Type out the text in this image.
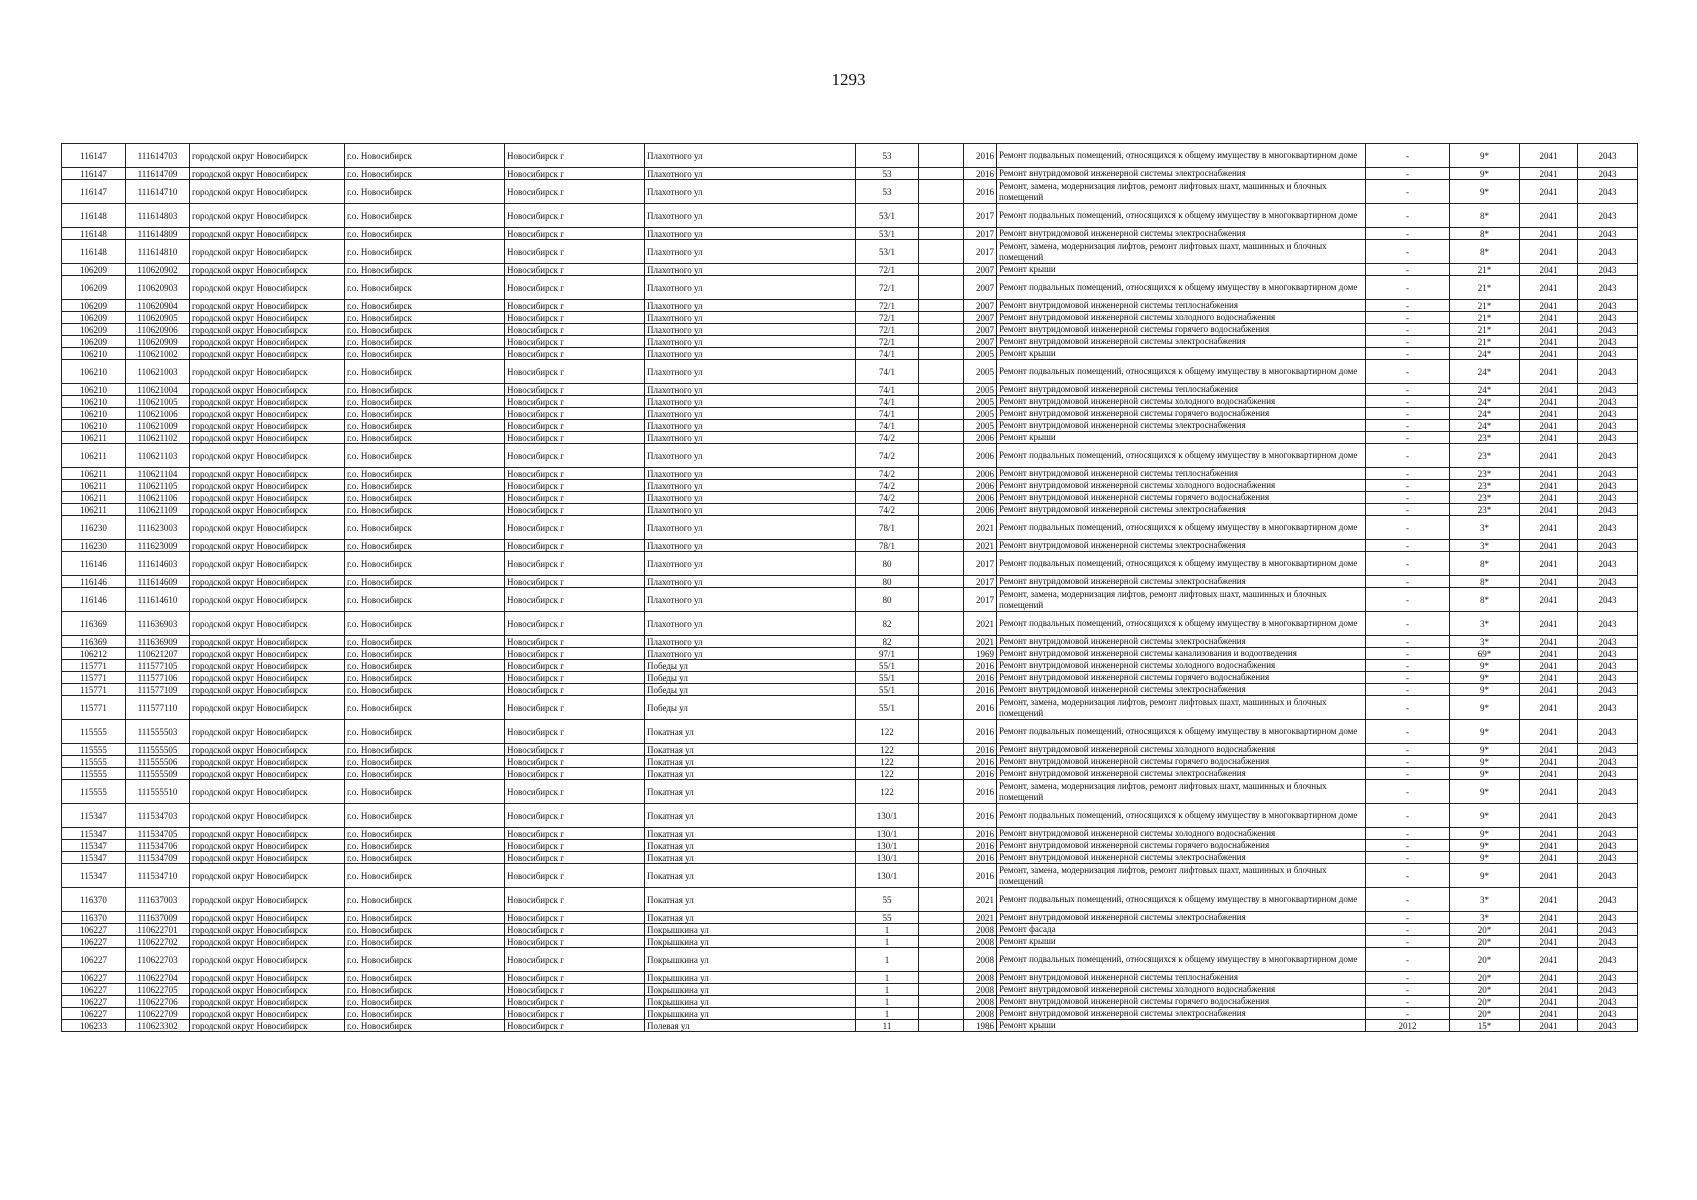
1293
116147	111614703	городской округ Новосибирск	г.о. Новосибирск	Новосибирск г	Плахотного ул	53		2016	Ремонт подвальных помещений, относящихся к общему имуществу в многоквартирном доме	-	9*	2041	2043
116147	111614709	городской округ Новосибирск	г.о. Новосибирск	Новосибирск г	Плахотного ул	53		2016	Ремонт внутридомовой инженерной системы электроснабжения	-	9*	2041	2043
116147	111614710	городской округ Новосибирск	г.о. Новосибирск	Новосибирск г	Плахотного ул	53		2016	Ремонт, замена, модернизация лифтов, ремонт лифтовых шахт, машинных и блочных помещений	-	9*	2041	2043
116148	111614803	городской округ Новосибирск	г.о. Новосибирск	Новосибирск г	Плахотного ул	53/1		2017	Ремонт подвальных помещений, относящихся к общему имуществу в многоквартирном доме	-	8*	2041	2043
116148	111614809	городской округ Новосибирск	г.о. Новосибирск	Новосибирск г	Плахотного ул	53/1		2017	Ремонт внутридомовой инженерной системы электроснабжения	-	8*	2041	2043
116148	111614810	городской округ Новосибирск	г.о. Новосибирск	Новосибирск г	Плахотного ул	53/1		2017	Ремонт, замена, модернизация лифтов, ремонт лифтовых шахт, машинных и блочных помещений	-	8*	2041	2043
106209	110620902	городской округ Новосибирск	г.о. Новосибирск	Новосибирск г	Плахотного ул	72/1		2007	Ремонт крыши	-	21*	2041	2043
106209	110620903	городской округ Новосибирск	г.о. Новосибирск	Новосибирск г	Плахотного ул	72/1		2007	Ремонт подвальных помещений, относящихся к общему имуществу в многоквартирном доме	-	21*	2041	2043
106209	110620904	городской округ Новосибирск	г.о. Новосибирск	Новосибирск г	Плахотного ул	72/1		2007	Ремонт внутридомовой инженерной системы теплоснабжения	-	21*	2041	2043
106209	110620905	городской округ Новосибирск	г.о. Новосибирск	Новосибирск г	Плахотного ул	72/1		2007	Ремонт внутридомовой инженерной системы холодного водоснабжения	-	21*	2041	2043
106209	110620906	городской округ Новосибирск	г.о. Новосибирск	Новосибирск г	Плахотного ул	72/1		2007	Ремонт внутридомовой инженерной системы горячего водоснабжения	-	21*	2041	2043
106209	110620909	городской округ Новосибирск	г.о. Новосибирск	Новосибирск г	Плахотного ул	72/1		2007	Ремонт внутридомовой инженерной системы электроснабжения	-	21*	2041	2043
106210	110621002	городской округ Новосибирск	г.о. Новосибирск	Новосибирск г	Плахотного ул	74/1		2005	Ремонт крыши	-	24*	2041	2043
106210	110621003	городской округ Новосибирск	г.о. Новосибирск	Новосибирск г	Плахотного ул	74/1		2005	Ремонт подвальных помещений, относящихся к общему имуществу в многоквартирном доме	-	24*	2041	2043
106210	110621004	городской округ Новосибирск	г.о. Новосибирск	Новосибирск г	Плахотного ул	74/1		2005	Ремонт внутридомовой инженерной системы теплоснабжения	-	24*	2041	2043
106210	110621005	городской округ Новосибирск	г.о. Новосибирск	Новосибирск г	Плахотного ул	74/1		2005	Ремонт внутридомовой инженерной системы холодного водоснабжения	-	24*	2041	2043
106210	110621006	городской округ Новосибирск	г.о. Новосибирск	Новосибирск г	Плахотного ул	74/1		2005	Ремонт внутридомовой инженерной системы горячего водоснабжения	-	24*	2041	2043
106210	110621009	городской округ Новосибирск	г.о. Новосибирск	Новосибирск г	Плахотного ул	74/1		2005	Ремонт внутридомовой инженерной системы электроснабжения	-	24*	2041	2043
106211	110621102	городской округ Новосибирск	г.о. Новосибирск	Новосибирск г	Плахотного ул	74/2		2006	Ремонт крыши	-	23*	2041	2043
106211	110621103	городской округ Новосибирск	г.о. Новосибирск	Новосибирск г	Плахотного ул	74/2		2006	Ремонт подвальных помещений, относящихся к общему имуществу в многоквартирном доме	-	23*	2041	2043
106211	110621104	городской округ Новосибирск	г.о. Новосибирск	Новосибирск г	Плахотного ул	74/2		2006	Ремонт внутридомовой инженерной системы теплоснабжения	-	23*	2041	2043
106211	110621105	городской округ Новосибирск	г.о. Новосибирск	Новосибирск г	Плахотного ул	74/2		2006	Ремонт внутридомовой инженерной системы холодного водоснабжения	-	23*	2041	2043
106211	110621106	городской округ Новосибирск	г.о. Новосибирск	Новосибирск г	Плахотного ул	74/2		2006	Ремонт внутридомовой инженерной системы горячего водоснабжения	-	23*	2041	2043
106211	110621109	городской округ Новосибирск	г.о. Новосибирск	Новосибирск г	Плахотного ул	74/2		2006	Ремонт внутридомовой инженерной системы электроснабжения	-	23*	2041	2043
116230	111623003	городской округ Новосибирск	г.о. Новосибирск	Новосибирск г	Плахотного ул	78/1		2021	Ремонт подвальных помещений, относящихся к общему имуществу в многоквартирном доме	-	3*	2041	2043
116230	111623009	городской округ Новосибирск	г.о. Новосибирск	Новосибирск г	Плахотного ул	78/1		2021	Ремонт внутридомовой инженерной системы электроснабжения	-	3*	2041	2043
116146	111614603	городской округ Новосибирск	г.о. Новосибирск	Новосибирск г	Плахотного ул	80		2017	Ремонт подвальных помещений, относящихся к общему имуществу в многоквартирном доме	-	8*	2041	2043
116146	111614609	городской округ Новосибирск	г.о. Новосибирск	Новосибирск г	Плахотного ул	80		2017	Ремонт внутридомовой инженерной системы электроснабжения	-	8*	2041	2043
116146	111614610	городской округ Новосибирск	г.о. Новосибирск	Новосибирск г	Плахотного ул	80		2017	Ремонт, замена, модернизация лифтов, ремонт лифтовых шахт, машинных и блочных помещений	-	8*	2041	2043
116369	111636903	городской округ Новосибирск	г.о. Новосибирск	Новосибирск г	Плахотного ул	82		2021	Ремонт подвальных помещений, относящихся к общему имуществу в многоквартирном доме	-	3*	2041	2043
116369	111636909	городской округ Новосибирск	г.о. Новосибирск	Новосибирск г	Плахотного ул	82		2021	Ремонт внутридомовой инженерной системы электроснабжения	-	3*	2041	2043
106212	110621207	городской округ Новосибирск	г.о. Новосибирск	Новосибирск г	Плахотного ул	97/1		1969	Ремонт внутридомовой инженерной системы канализования и водоотведения	-	69*	2041	2043
115771	111577105	городской округ Новосибирск	г.о. Новосибирск	Новосибирск г	Победы ул	55/1		2016	Ремонт внутридомовой инженерной системы холодного водоснабжения	-	9*	2041	2043
115771	111577106	городской округ Новосибирск	г.о. Новосибирск	Новосибирск г	Победы ул	55/1		2016	Ремонт внутридомовой инженерной системы горячего водоснабжения	-	9*	2041	2043
115771	111577109	городской округ Новосибирск	г.о. Новосибирск	Новосибирск г	Победы ул	55/1		2016	Ремонт внутридомовой инженерной системы электроснабжения	-	9*	2041	2043
115771	111577110	городской округ Новосибирск	г.о. Новосибирск	Новосибирск г	Победы ул	55/1		2016	Ремонт, замена, модернизация лифтов, ремонт лифтовых шахт, машинных и блочных помещений	-	9*	2041	2043
115555	111555503	городской округ Новосибирск	г.о. Новосибирск	Новосибирск г	Покатная ул	122		2016	Ремонт подвальных помещений, относящихся к общему имуществу в многоквартирном доме	-	9*	2041	2043
115555	111555505	городской округ Новосибирск	г.о. Новосибирск	Новосибирск г	Покатная ул	122		2016	Ремонт внутридомовой инженерной системы холодного водоснабжения	-	9*	2041	2043
115555	111555506	городской округ Новосибирск	г.о. Новосибирск	Новосибирск г	Покатная ул	122		2016	Ремонт внутридомовой инженерной системы горячего водоснабжения	-	9*	2041	2043
115555	111555509	городской округ Новосибирск	г.о. Новосибирск	Новосибирск г	Покатная ул	122		2016	Ремонт внутридомовой инженерной системы электроснабжения	-	9*	2041	2043
115555	111555510	городской округ Новосибирск	г.о. Новосибирск	Новосибирск г	Покатная ул	122		2016	Ремонт, замена, модернизация лифтов, ремонт лифтовых шахт, машинных и блочных помещений	-	9*	2041	2043
115347	111534703	городской округ Новосибирск	г.о. Новосибирск	Новосибирск г	Покатная ул	130/1		2016	Ремонт подвальных помещений, относящихся к общему имуществу в многоквартирном доме	-	9*	2041	2043
115347	111534705	городской округ Новосибирск	г.о. Новосибирск	Новосибирск г	Покатная ул	130/1		2016	Ремонт внутридомовой инженерной системы холодного водоснабжения	-	9*	2041	2043
115347	111534706	городской округ Новосибирск	г.о. Новосибирск	Новосибирск г	Покатная ул	130/1		2016	Ремонт внутридомовой инженерной системы горячего водоснабжения	-	9*	2041	2043
115347	111534709	городской округ Новосибирск	г.о. Новосибирск	Новосибирск г	Покатная ул	130/1		2016	Ремонт внутридомовой инженерной системы электроснабжения	-	9*	2041	2043
115347	111534710	городской округ Новосибирск	г.о. Новосибирск	Новосибирск г	Покатная ул	130/1		2016	Ремонт, замена, модернизация лифтов, ремонт лифтовых шахт, машинных и блочных помещений	-	9*	2041	2043
116370	111637003	городской округ Новосибирск	г.о. Новосибирск	Новосибирск г	Покатная ул	55		2021	Ремонт подвальных помещений, относящихся к общему имуществу в многоквартирном доме	-	3*	2041	2043
116370	111637009	городской округ Новосибирск	г.о. Новосибирск	Новосибирск г	Покатная ул	55		2021	Ремонт внутридомовой инженерной системы электроснабжения	-	3*	2041	2043
106227	110622701	городской округ Новосибирск	г.о. Новосибирск	Новосибирск г	Покрышкина ул	1		2008	Ремонт фасада	-	20*	2041	2043
106227	110622702	городской округ Новосибирск	г.о. Новосибирск	Новосибирск г	Покрышкина ул	1		2008	Ремонт крыши	-	20*	2041	2043
106227	110622703	городской округ Новосибирск	г.о. Новосибирск	Новосибирск г	Покрышкина ул	1		2008	Ремонт подвальных помещений, относящихся к общему имуществу в многоквартирном доме	-	20*	2041	2043
106227	110622704	городской округ Новосибирск	г.о. Новосибирск	Новосибирск г	Покрышкина ул	1		2008	Ремонт внутридомовой инженерной системы теплоснабжения	-	20*	2041	2043
106227	110622705	городской округ Новосибирск	г.о. Новосибирск	Новосибирск г	Покрышкина ул	1		2008	Ремонт внутридомовой инженерной системы холодного водоснабжения	-	20*	2041	2043
106227	110622706	городской округ Новосибирск	г.о. Новосибирск	Новосибирск г	Покрышкина ул	1		2008	Ремонт внутридомовой инженерной системы горячего водоснабжения	-	20*	2041	2043
106227	110622709	городской округ Новосибирск	г.о. Новосибирск	Новосибирск г	Покрышкина ул	1		2008	Ремонт внутридомовой инженерной системы электроснабжения	-	20*	2041	2043
106233	110623302	городской округ Новосибирск	г.о. Новосибирск	Новосибирск г	Полевая ул	11		1986	Ремонт крыши	2012	15*	2041	2043
